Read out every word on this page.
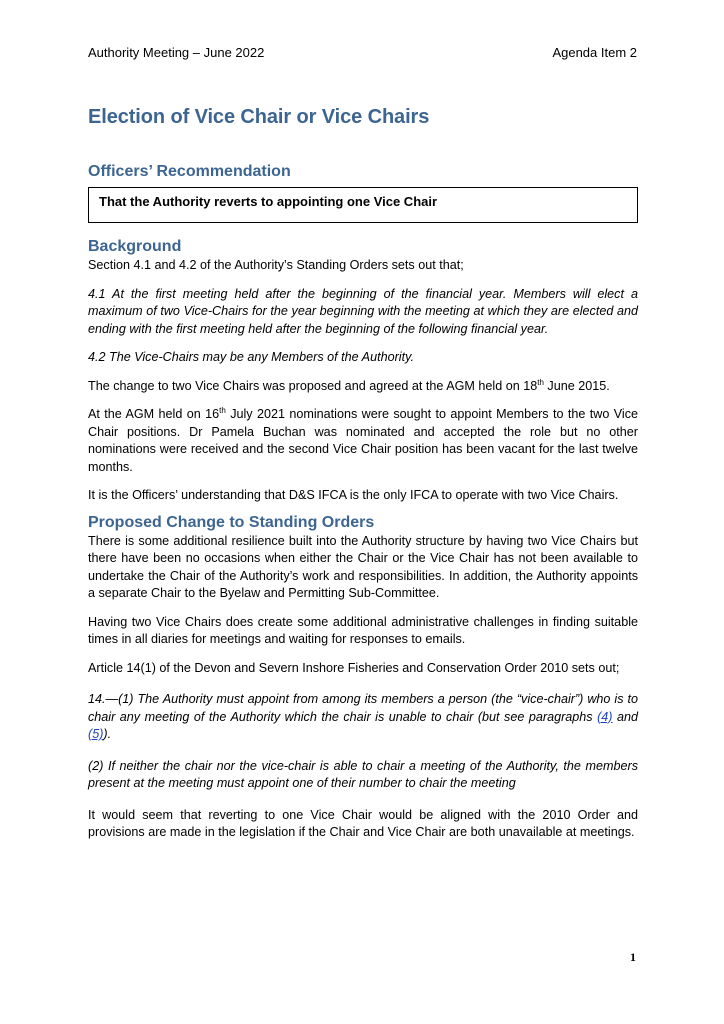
Authority Meeting – June 2022	Agenda Item 2
Election of Vice Chair or Vice Chairs
Officers’ Recommendation
That the Authority reverts to appointing one Vice Chair
Background

Section 4.1 and 4.2 of the Authority’s Standing Orders sets out that;

4.1 At the first meeting held after the beginning of the financial year. Members will elect a maximum of two Vice-Chairs for the year beginning with the meeting at which they are elected and ending with the first meeting held after the beginning of the following financial year.

4.2 The Vice-Chairs may be any Members of the Authority.

The change to two Vice Chairs was proposed and agreed at the AGM held on 18th June 2015.

At the AGM held on 16th July 2021 nominations were sought to appoint Members to the two Vice Chair positions. Dr Pamela Buchan was nominated and accepted the role but no other nominations were received and the second Vice Chair position has been vacant for the last twelve months.

It is the Officers’ understanding that D&S IFCA is the only IFCA to operate with two Vice Chairs.

Proposed Change to Standing Orders

There is some additional resilience built into the Authority structure by having two Vice Chairs but there have been no occasions when either the Chair or the Vice Chair has not been available to undertake the Chair of the Authority’s work and responsibilities. In addition, the Authority appoints a separate Chair to the Byelaw and Permitting Sub-Committee.

Having two Vice Chairs does create some additional administrative challenges in finding suitable times in all diaries for meetings and waiting for responses to emails.

Article 14(1) of the Devon and Severn Inshore Fisheries and Conservation Order 2010 sets out;

14.—(1) The Authority must appoint from among its members a person (the “vice-chair”) who is to chair any meeting of the Authority which the chair is unable to chair (but see paragraphs (4) and (5)).

(2) If neither the chair nor the vice-chair is able to chair a meeting of the Authority, the members present at the meeting must appoint one of their number to chair the meeting

It would seem that reverting to one Vice Chair would be aligned with the 2010 Order and provisions are made in the legislation if the Chair and Vice Chair are both unavailable at meetings.

1
